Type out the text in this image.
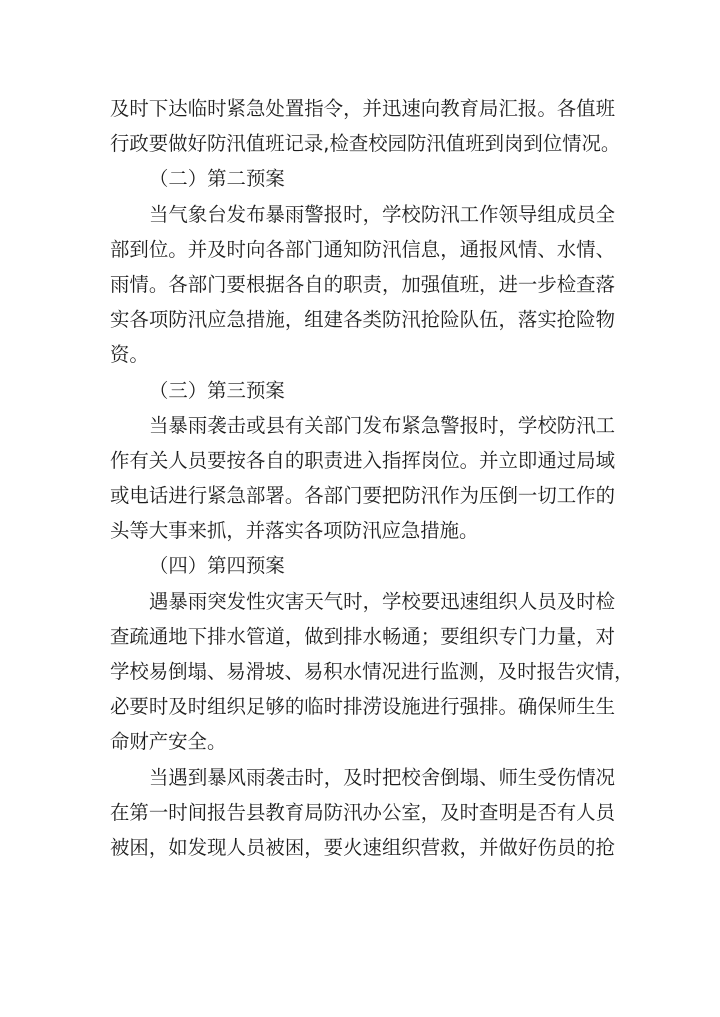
及时下达临时紧急处置指令，并迅速向教育局汇报。各值班
行政要做好防汛值班记录,检查校园防汛值班到岗到位情况。
（二）第二预案
当气象台发布暴雨警报时，学校防汛工作领导组成员全
部到位。并及时向各部门通知防汛信息，通报风情、水情、
雨情。各部门要根据各自的职责，加强值班，进一步检查落
实各项防汛应急措施，组建各类防汛抢险队伍，落实抢险物
资。
（三）第三预案
当暴雨袭击或县有关部门发布紧急警报时，学校防汛工
作有关人员要按各自的职责进入指挥岗位。并立即通过局域
或电话进行紧急部署。各部门要把防汛作为压倒一切工作的
头等大事来抓，并落实各项防汛应急措施。
（四）第四预案
遇暴雨突发性灾害天气时，学校要迅速组织人员及时检
查疏通地下排水管道，做到排水畅通；要组织专门力量，对
学校易倒塌、易滑坡、易积水情况进行监测，及时报告灾情，
必要时及时组织足够的临时排涝设施进行强排。确保师生生
命财产安全。
当遇到暴风雨袭击时，及时把校舍倒塌、师生受伤情况
在第一时间报告县教育局防汛办公室，及时查明是否有人员
被困，如发现人员被困，要火速组织营救，并做好伤员的抢
